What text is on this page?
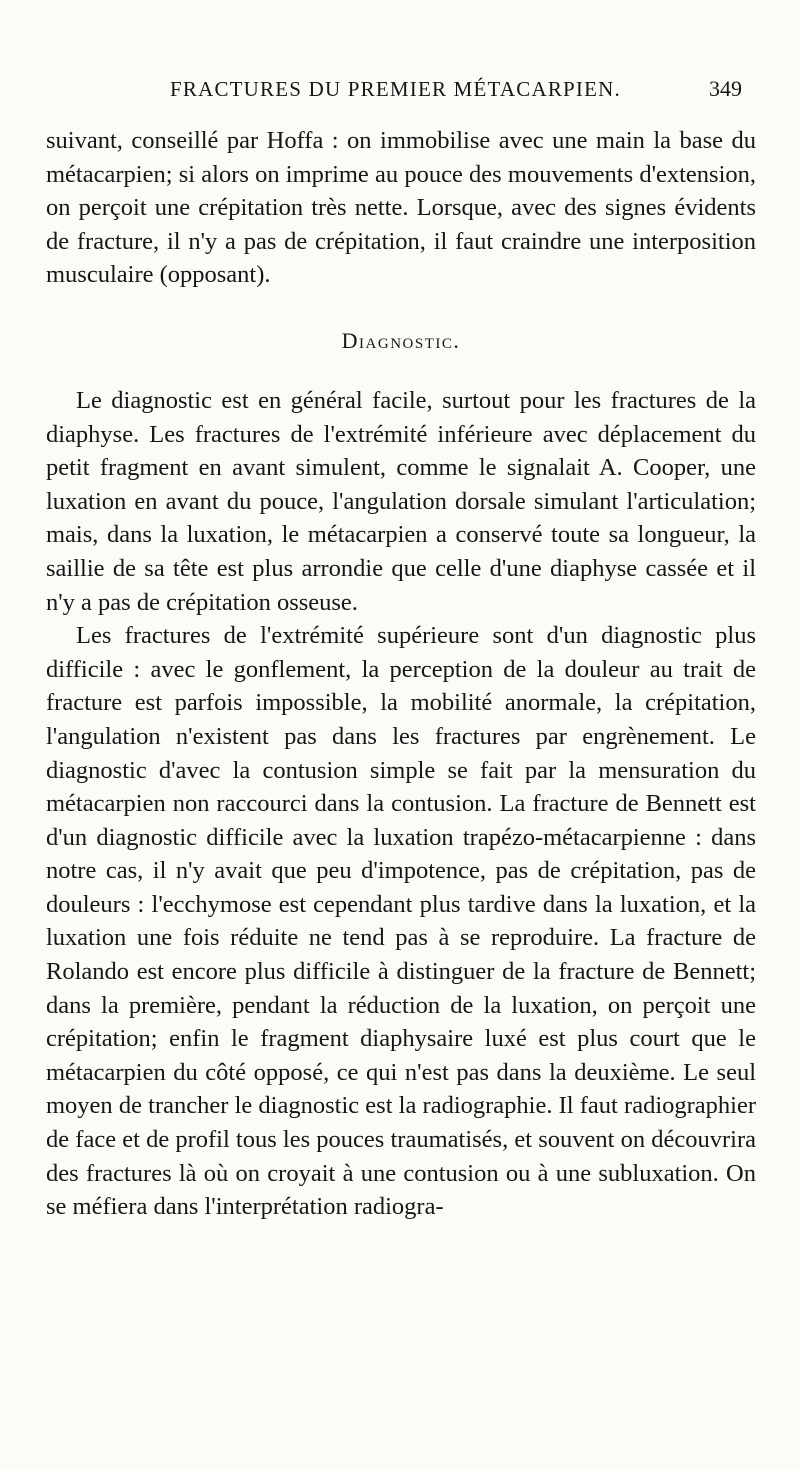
FRACTURES DU PREMIER MÉTACARPIEN.	349

suivant, conseillé par Hoffa : on immobilise avec une main la base du métacarpien; si alors on imprime au pouce des mouvements d'extension, on perçoit une crépitation très nette. Lorsque, avec des signes évidents de fracture, il n'y a pas de crépitation, il faut craindre une interposition musculaire (opposant).

Diagnostic.

Le diagnostic est en général facile, surtout pour les fractures de la diaphyse. Les fractures de l'extrémité inférieure avec déplacement du petit fragment en avant simulent, comme le signalait A. Cooper, une luxation en avant du pouce, l'angulation dorsale simulant l'articulation; mais, dans la luxation, le métacarpien a conservé toute sa longueur, la saillie de sa tête est plus arrondie que celle d'une diaphyse cassée et il n'y a pas de crépitation osseuse.

Les fractures de l'extrémité supérieure sont d'un diagnostic plus difficile : avec le gonflement, la perception de la douleur au trait de fracture est parfois impossible, la mobilité anormale, la crépitation, l'angulation n'existent pas dans les fractures par engrènement. Le diagnostic d'avec la contusion simple se fait par la mensuration du métacarpien non raccourci dans la contusion. La fracture de Bennett est d'un diagnostic difficile avec la luxation trapézo-métacarpienne : dans notre cas, il n'y avait que peu d'impotence, pas de crépitation, pas de douleurs : l'ecchymose est cependant plus tardive dans la luxation, et la luxation une fois réduite ne tend pas à se reproduire. La fracture de Rolando est encore plus difficile à distinguer de la fracture de Bennett; dans la première, pendant la réduction de la luxation, on perçoit une crépitation; enfin le fragment diaphysaire luxé est plus court que le métacarpien du côté opposé, ce qui n'est pas dans la deuxième. Le seul moyen de trancher le diagnostic est la radiographie. Il faut radiographier de face et de profil tous les pouces traumatisés, et souvent on découvrira des fractures là où on croyait à une contusion ou à une subluxation. On se méfiera dans l'interprétation radiogra-
